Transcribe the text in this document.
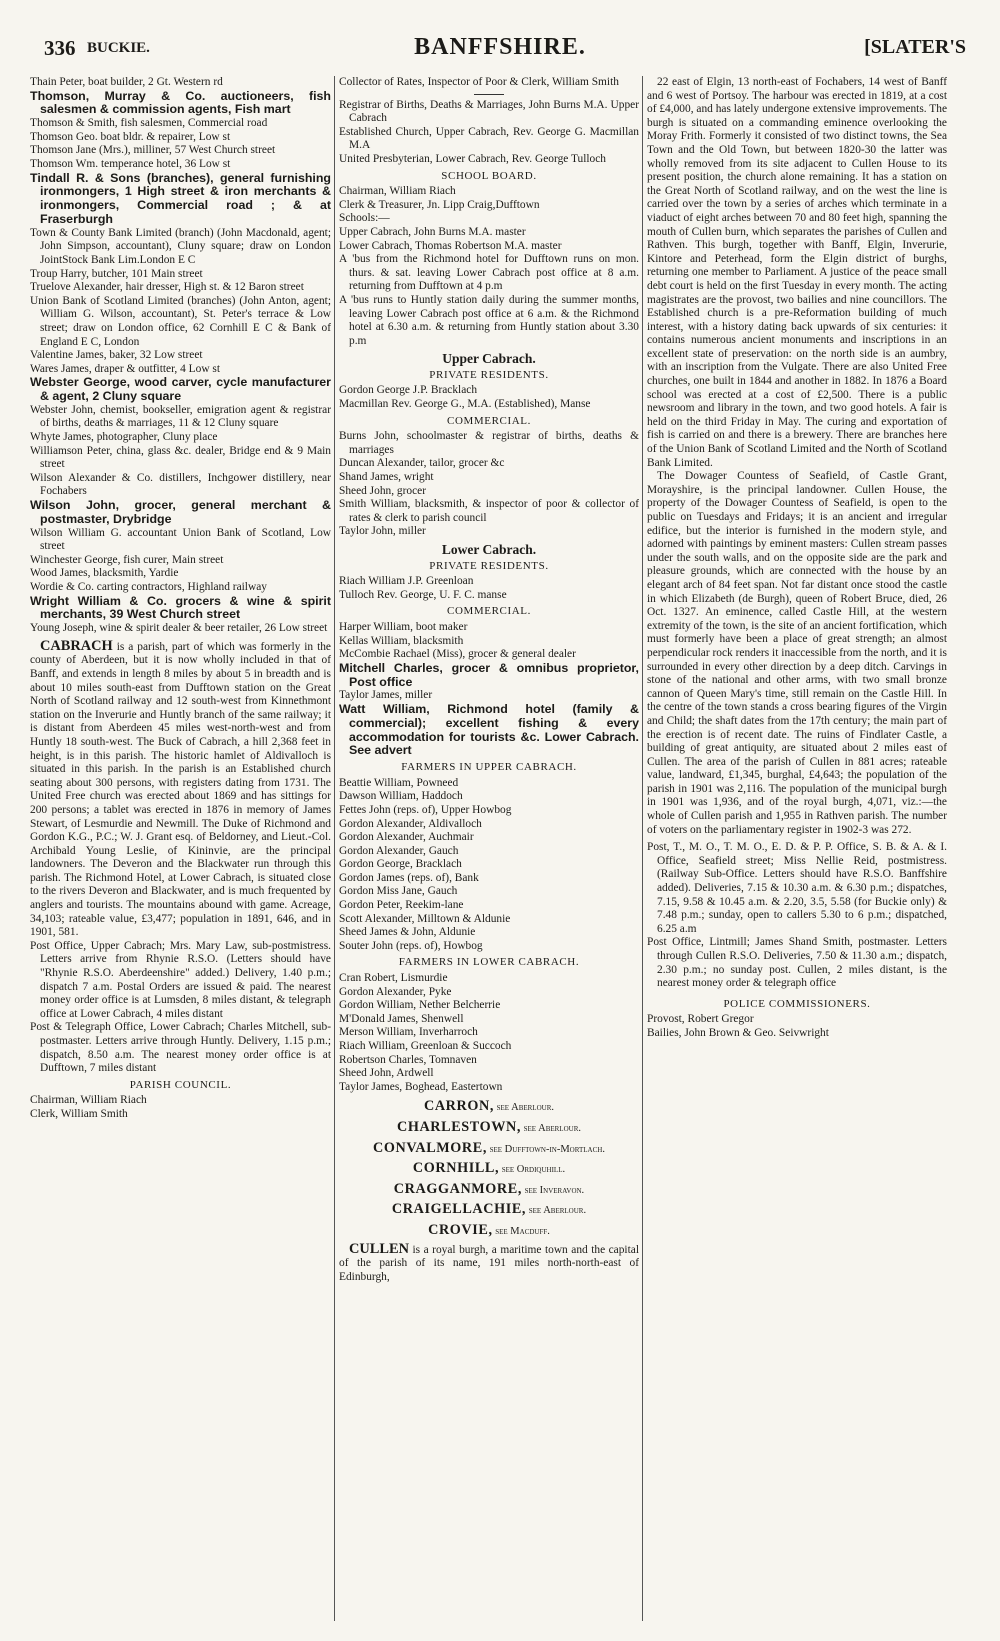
336 BUCKIE.	BANFFSHIRE.	[SLATER'S
Thain Peter, boat builder, 2 Gt. Western rd
Thomson, Murray & Co. auctioneers, fish salesmen & commission agents, Fish mart
Thomson & Smith, fish salesmen, Commercial road
Thomson Geo. boat bldr. & repairer, Low st
Thomson Jane (Mrs.), milliner, 57 West Church street
Thomson Wm. temperance hotel, 36 Low st
Tindall R. & Sons (branches), general furnishing ironmongers, 1 High street & iron merchants & ironmongers, Commercial road ; & at Fraserburgh
Town & County Bank Limited (branch) (John Macdonald, agent; John Simpson, accountant), Cluny square; draw on London JointStock Bank Lim.London E C
Troup Harry, butcher, 101 Main street
Truelove Alexander, hair dresser, High st. & 12 Baron street
Union Bank of Scotland Limited (branches) (John Anton, agent; William G. Wilson, accountant), St. Peter's terrace & Low street; draw on London office, 62 Cornhill E C & Bank of England E C, London
Valentine James, baker, 32 Low street
Wares James, draper & outfitter, 4 Low st
Webster George, wood carver, cycle manufacturer & agent, 2 Cluny square
Webster John, chemist, bookseller, emigration agent & registrar of births, deaths & marriages, 11 & 12 Cluny square
Whyte James, photographer, Cluny place
Williamson Peter, china, glass &c. dealer, Bridge end & 9 Main street
Wilson Alexander & Co. distillers, Inchgower distillery, near Fochabers
Wilson John, grocer, general merchant & postmaster, Drybridge
Wilson William G. accountant Union Bank of Scotland, Low street
Winchester George, fish curer, Main street
Wood James, blacksmith, Yardie
Wordie & Co. carting contractors, Highland railway
Wright William & Co. grocers & wine & spirit merchants, 39 West Church street
Young Joseph, wine & spirit dealer & beer retailer, 26 Low street
CABRACH is a parish, part of which was formerly in the county of Aberdeen, but it is now wholly included in that of Banff, and extends in length 8 miles by about 5 in breadth and is about 10 miles south-east from Dufftown station on the Great North of Scotland railway and 12 south-west from Kinnethmont station on the Inverurie and Huntly branch of the same railway; it is distant from Aberdeen 45 miles west-north-west and from Huntly 18 south-west. The Buck of Cabrach, a hill 2,368 feet in height, is in this parish. The historic hamlet of Aldivalloch is situated in this parish. In the parish is an Established church seating about 300 persons, with registers dating from 1731. The United Free church was erected about 1869 and has sittings for 200 persons; a tablet was erected in 1876 in memory of James Stewart, of Lesmurdie and Newmill. The Duke of Richmond and Gordon K.G., P.C.; W. J. Grant esq. of Beldorney, and Lieut.-Col. Archibald Young Leslie, of Kininvie, are the principal landowners. The Deveron and the Blackwater run through this parish. The Richmond Hotel, at Lower Cabrach, is situated close to the rivers Deveron and Blackwater, and is much frequented by anglers and tourists. The mountains abound with game. Acreage, 34,103; rateable value, £3,477; population in 1891, 646, and in 1901, 581.
Post Office, Upper Cabrach; Mrs. Mary Law, sub-postmistress. Letters arrive from Rhynie R.S.O. (Letters should have "Rhynie R.S.O. Aberdeenshire" added.) Delivery, 1.40 p.m.; dispatch 7 a.m. Postal Orders are issued & paid. The nearest money order office is at Lumsden, 8 miles distant, & telegraph office at Lower Cabrach, 4 miles distant
Post & Telegraph Office, Lower Cabrach; Charles Mitchell, sub-postmaster. Letters arrive through Huntly. Delivery, 1.15 p.m.; dispatch, 8.50 a.m. The nearest money order office is at Dufftown, 7 miles distant
PARISH COUNCIL.
Chairman, William Riach
Clerk, William Smith
Collector of Rates, Inspector of Poor & Clerk, William Smith
Registrar of Births, Deaths & Marriages, John Burns M.A. Upper Cabrach
Established Church, Upper Cabrach, Rev. George G. Macmillan M.A
United Presbyterian, Lower Cabrach, Rev. George Tulloch
SCHOOL BOARD.
Chairman, William Riach
Clerk & Treasurer, Jn. Lipp Craig,Dufftown
Schools:—
Upper Cabrach, John Burns M.A. master
Lower Cabrach, Thomas Robertson M.A. master
A 'bus from the Richmond hotel for Dufftown runs on mon. thurs. & sat. leaving Lower Cabrach post office at 8 a.m. returning from Dufftown at 4 p.m
A 'bus runs to Huntly station daily during the summer months, leaving Lower Cabrach post office at 6 a.m. & the Richmond hotel at 6.30 a.m. & returning from Huntly station about 3.30 p.m
Upper Cabrach.
PRIVATE RESIDENTS.
Gordon George J.P. Bracklach
Macmillan Rev. George G., M.A. (Established), Manse
COMMERCIAL.
Burns John, schoolmaster & registrar of births, deaths & marriages
Duncan Alexander, tailor, grocer &c
Shand James, wright
Sheed John, grocer
Smith William, blacksmith, & inspector of poor & collector of rates & clerk to parish council
Taylor John, miller
Lower Cabrach.
PRIVATE RESIDENTS.
Riach William J.P. Greenloan
Tulloch Rev. George, U. F. C. manse
COMMERCIAL.
Harper William, boot maker
Kellas William, blacksmith
McCombie Rachael (Miss), grocer & general dealer
Mitchell Charles, grocer & omnibus proprietor, Post office
Taylor James, miller
Watt William, Richmond hotel (family & commercial); excellent fishing & every accommodation for tourists &c. Lower Cabrach. See advert
FARMERS IN UPPER CABRACH.
Beattie William, Powneed
Dawson William, Haddoch
Fettes John (reps. of), Upper Howbog
Gordon Alexander, Aldivalloch
Gordon Alexander, Auchmair
Gordon Alexander, Gauch
Gordon George, Bracklach
Gordon James (reps. of), Bank
Gordon Miss Jane, Gauch
Gordon Peter, Reekim-lane
Scott Alexander, Milltown & Aldunie
Sheed James & John, Aldunie
Souter John (reps. of), Howbog
FARMERS IN LOWER CABRACH.
Cran Robert, Lismurdie
Gordon Alexander, Pyke
Gordon William, Nether Belcherrie
M'Donald James, Shenwell
Merson William, Inverharroch
Riach William, Greenloan & Succoch
Robertson Charles, Tomnaven
Sheed John, Ardwell
Taylor James, Boghead, Eastertown
CARRON, see Aberlour.
CHARLESTOWN, see Aberlour.
CONVALMORE, see Dufftown-in-Mortlach.
CORNHILL, see Ordiquhill.
CRAGGANMORE, see Inveravon.
CRAIGELLACHIE, see Aberlour.
CROVIE, see Macduff.
CULLEN is a royal burgh, a maritime town and the capital of the parish of its name, 191 miles north-north-east of Edinburgh,
22 east of Elgin, 13 north-east of Fochabers, 14 west of Banff and 6 west of Portsoy. The harbour was erected in 1819, at a cost of £4,000, and has lately undergone extensive improvements. The burgh is situated on a commanding eminence overlooking the Moray Frith. Formerly it consisted of two distinct towns, the Sea Town and the Old Town, but between 1820-30 the latter was wholly removed from its site adjacent to Cullen House to its present position, the church alone remaining. It has a station on the Great North of Scotland railway, and on the west the line is carried over the town by a series of arches which terminate in a viaduct of eight arches between 70 and 80 feet high, spanning the mouth of Cullen burn, which separates the parishes of Cullen and Rathven. This burgh, together with Banff, Elgin, Inverurie, Kintore and Peterhead, form the Elgin district of burghs, returning one member to Parliament. A justice of the peace small debt court is held on the first Tuesday in every month. The acting magistrates are the provost, two bailies and nine councillors. The Established church is a pre-Reformation building of much interest, with a history dating back upwards of six centuries: it contains numerous ancient monuments and inscriptions in an excellent state of preservation: on the north side is an aumbry, with an inscription from the Vulgate. There are also United Free churches, one built in 1844 and another in 1882. In 1876 a Board school was erected at a cost of £2,500. There is a public newsroom and library in the town, and two good hotels. A fair is held on the third Friday in May. The curing and exportation of fish is carried on and there is a brewery. There are branches here of the Union Bank of Scotland Limited and the North of Scotland Bank Limited.
The Dowager Countess of Seafield, of Castle Grant, Morayshire, is the principal landowner. Cullen House, the property of the Dowager Countess of Seafield, is open to the public on Tuesdays and Fridays; it is an ancient and irregular edifice, but the interior is furnished in the modern style, and adorned with paintings by eminent masters: Cullen stream passes under the south walls, and on the opposite side are the park and pleasure grounds, which are connected with the house by an elegant arch of 84 feet span. Not far distant once stood the castle in which Elizabeth (de Burgh), queen of Robert Bruce, died, 26 Oct. 1327. An eminence, called Castle Hill, at the western extremity of the town, is the site of an ancient fortification, which must formerly have been a place of great strength; an almost perpendicular rock renders it inaccessible from the north, and it is surrounded in every other direction by a deep ditch. Carvings in stone of the national and other arms, with two small bronze cannon of Queen Mary's time, still remain on the Castle Hill. In the centre of the town stands a cross bearing figures of the Virgin and Child; the shaft dates from the 17th century; the main part of the erection is of recent date. The ruins of Findlater Castle, a building of great antiquity, are situated about 2 miles east of Cullen. The area of the parish of Cullen in 881 acres; rateable value, landward, £1,345, burghal, £4,643; the population of the parish in 1901 was 2,116. The population of the municipal burgh in 1901 was 1,936, and of the royal burgh, 4,071, viz.:—the whole of Cullen parish and 1,955 in Rathven parish. The number of voters on the parliamentary register in 1902-3 was 272.
Post, T., M. O., T. M. O., E. D. & P. P. Office, S. B. & A. & I. Office, Seafield street; Miss Nellie Reid, postmistress. (Railway Sub-Office. Letters should have R.S.O. Banffshire added). Deliveries, 7.15 & 10.30 a.m. & 6.30 p.m.; dispatches, 7.15, 9.58 & 10.45 a.m. & 2.20, 3.5, 5.58 (for Buckie only) & 7.48 p.m.; sunday, open to callers 5.30 to 6 p.m.; dispatched, 6.25 a.m
Post Office, Lintmill; James Shand Smith, postmaster. Letters through Cullen R.S.O. Deliveries, 7.50 & 11.30 a.m.; dispatch, 2.30 p.m.; no sunday post. Cullen, 2 miles distant, is the nearest money order & telegraph office
POLICE COMMISSIONERS.
Provost, Robert Gregor
Bailies, John Brown & Geo. Seivwright
